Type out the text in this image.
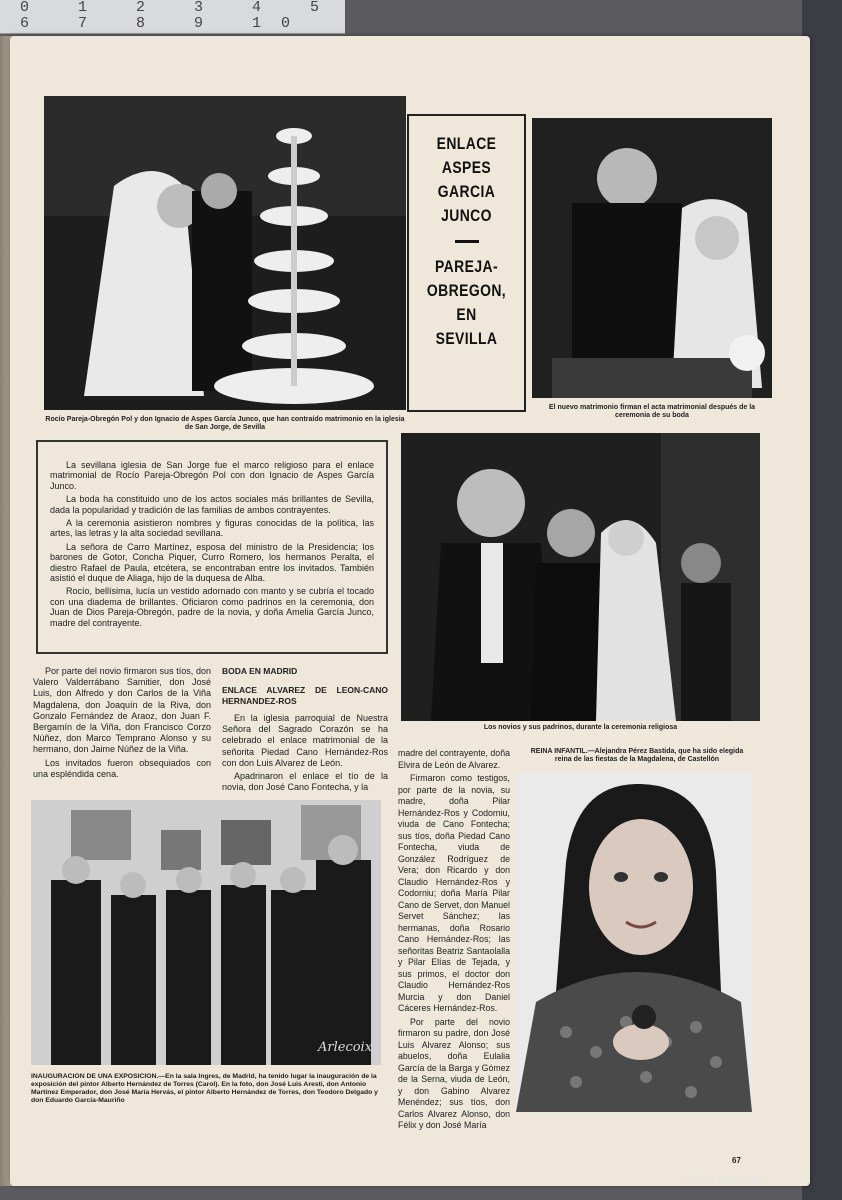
0 1 2 3 4 5 6 7 8 9 10
Rocío Pareja-Obregón Pol y don Ignacio de Aspes García Junco, que han contraído matrimonio en la iglesia de San Jorge, de Sevilla
ENLACE
ASPES
GARCIA
JUNCO
PAREJA-
OBREGON,
EN
SEVILLA
El nuevo matrimonio firman el acta matrimonial después de la ceremonia de su boda

La sevillana iglesia de San Jorge fue el marco religioso para el enlace matrimonial de Rocío Pareja-Obregón Pol con don Ignacio de Aspes García Junco.

La boda ha constituido uno de los actos sociales más brillantes de Sevilla, dada la popularidad y tradición de las familias de ambos contrayentes.

A la ceremonia asistieron nombres y figuras conocidas de la política, las artes, las letras y la alta sociedad sevillana.

La señora de Carro Martínez, esposa del ministro de la Presidencia; los barones de Gotor, Concha Piquer, Curro Romero, los hermanos Peralta, el diestro Rafael de Paula, etcétera, se encontraban entre los invitados. También asistió el duque de Aliaga, hijo de la duquesa de Alba.

Rocío, bellísima, lucía un vestido adornado con manto y se cubría el tocado con una diadema de brillantes. Oficiaron como padrinos en la ceremonia, don Juan de Dios Pareja-Obregón, padre de la novia, y doña Amelia García Junco, madre del contrayente.

Los novios y sus padrinos, durante la ceremonia religiosa

Por parte del novio firmaron sus tíos, don Valero Valderrábano Samitier, don José Luis, don Alfredo y don Carlos de la Viña Magdalena, don Joaquín de la Riva, don Gonzalo Fernández de Araoz, don Juan F. Bergamín de la Viña, don Francisco Corzo Núñez, don Marco Temprano Alonso y su hermano, don Jaime Núñez de la Viña.

Los invitados fueron obsequiados con una espléndida cena.

BODA EN MADRID

ENLACE ALVAREZ DE LEON-CANO HERNANDEZ-ROS

En la iglesia parroquial de Nuestra Señora del Sagrado Corazón se ha celebrado el enlace matrimonial de la señorita Piedad Cano Hernández-Ros con don Luis Alvarez de León.

Apadrinaron el enlace el tío de la novia, don José Cano Fontecha, y la

REINA INFANTIL.—Alejandra Pérez Bastida, que ha sido elegida reina de las fiestas de la Magdalena, de Castellón

madre del contrayente, doña Elvira de León de Alvarez.

Firmaron como testigos, por parte de la novia, su madre, doña Pilar Hernández-Ros y Codorniu, viuda de Cano Fontecha; sus tíos, doña Piedad Cano Fontecha, viuda de González Rodríguez de Vera; don Ricardo y don Claudio Hernández-Ros y Codorniu; doña María Pilar Cano de Servet, don Manuel Servet Sánchez; las hermanas, doña Rosario Cano Hernández-Ros; las señoritas Beatriz Santaolalla y Pilar Elías de Tejada, y sus primos, el doctor don Claudio Hernández-Ros Murcia y don Daniel Cáceres Hernández-Ros.

Por parte del novio firmaron su padre, don José Luis Alvarez Alonso; sus abuelos, doña Eulalia García de la Barga y Gómez de la Serna, viuda de León, y don Gabino Alvarez Menéndez; sus tíos, don Carlos Alvarez Alonso, don Félix y don José María

Arlecoix
INAUGURACION DE UNA EXPOSICION.—En la sala Ingres, de Madrid, ha tenido lugar la inauguración de la exposición del pintor Alberto Hernández de Torres (Carol). En la foto, don José Luis Aresti, don Antonio Martínez Emperador, don José María Hervás, el pintor Alberto Hernández de Torres, don Teodoro Delgado y don Eduardo García-Mauriño
67
todocoleccion
